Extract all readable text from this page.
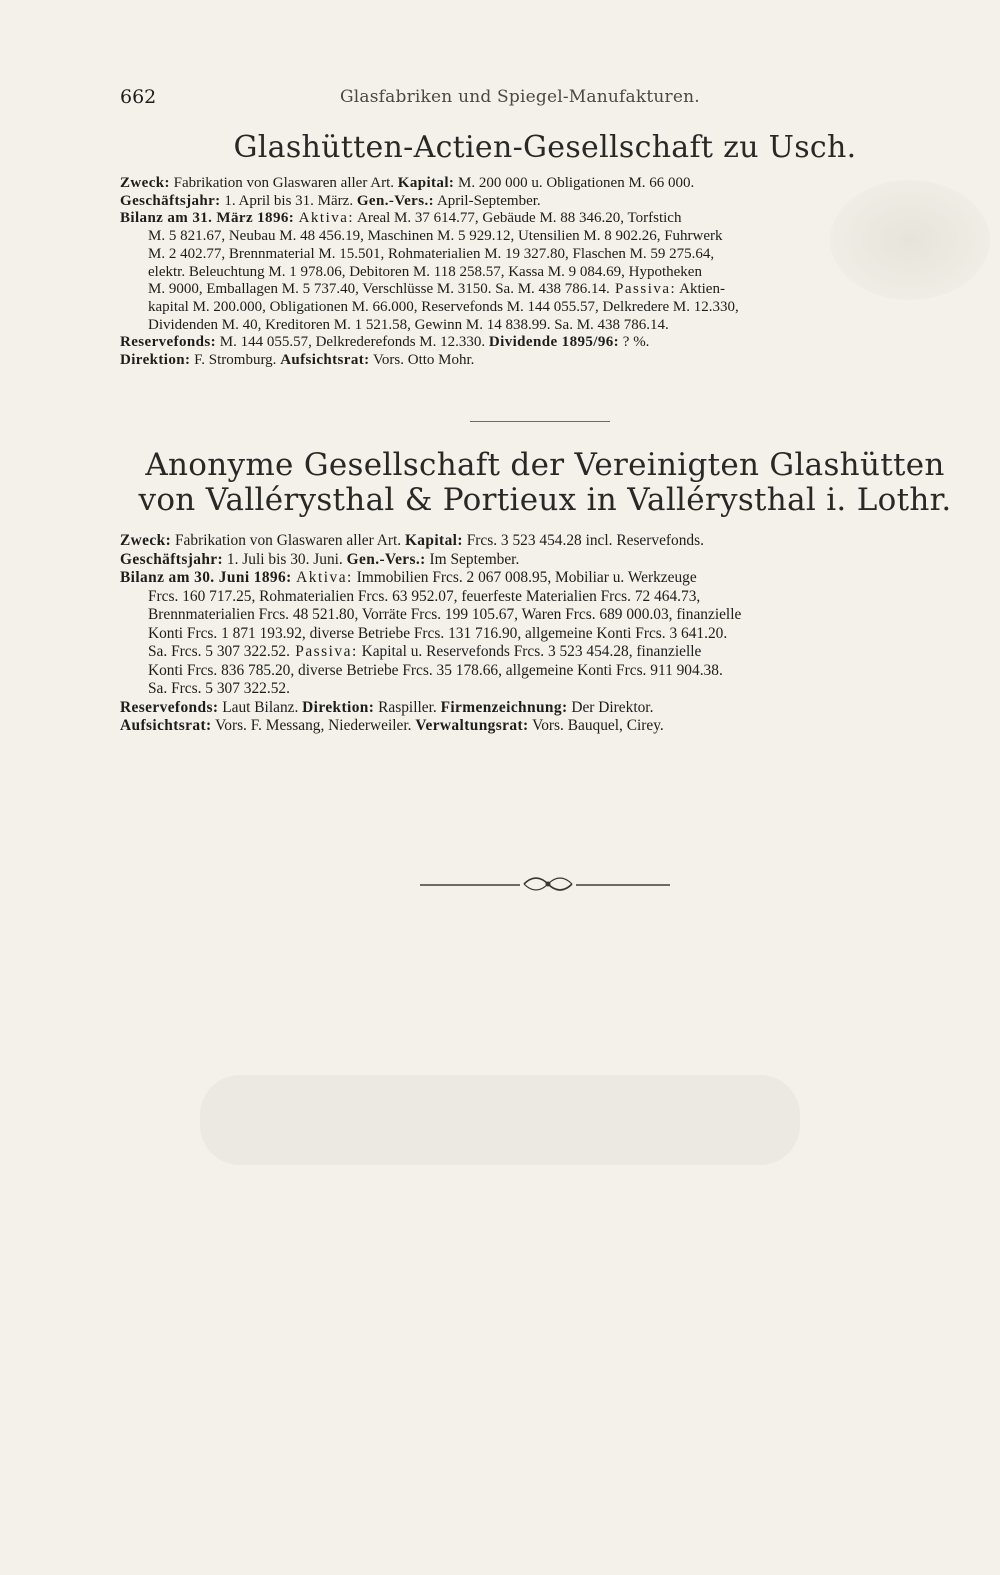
662	Glasfabriken und Spiegel-Manufakturen.
Glashütten-Actien-Gesellschaft zu Usch.

Zweck: Fabrikation von Glaswaren aller Art. Kapital: M. 200 000 u. Obligationen M. 66 000.

Geschäftsjahr: 1. April bis 31. März. Gen.-Vers.: April-September.

Bilanz am 31. März 1896: Aktiva: Areal M. 37 614.77, Gebäude M. 88 346.20, Torfstich

M. 5 821.67, Neubau M. 48 456.19, Maschinen M. 5 929.12, Utensilien M. 8 902.26, Fuhrwerk

M. 2 402.77, Brennmaterial M. 15.501, Rohmaterialien M. 19 327.80, Flaschen M. 59 275.64,

elektr. Beleuchtung M. 1 978.06, Debitoren M. 118 258.57, Kassa M. 9 084.69, Hypotheken

M. 9000, Emballagen M. 5 737.40, Verschlüsse M. 3150. Sa. M. 438 786.14. Passiva: Aktien-

kapital M. 200.000, Obligationen M. 66.000, Reservefonds M. 144 055.57, Delkredere M. 12.330,

Dividenden M. 40, Kreditoren M. 1 521.58, Gewinn M. 14 838.99. Sa. M. 438 786.14.

Reservefonds: M. 144 055.57, Delkrederefonds M. 12.330. Dividende 1895/96: ? %.

Direktion: F. Stromburg. Aufsichtsrat: Vors. Otto Mohr.

Anonyme Gesellschaft der Vereinigten Glashütten
von Vallérysthal & Portieux in Vallérysthal i. Lothr.

Zweck: Fabrikation von Glaswaren aller Art. Kapital: Frcs. 3 523 454.28 incl. Reservefonds.

Geschäftsjahr: 1. Juli bis 30. Juni. Gen.-Vers.: Im September.

Bilanz am 30. Juni 1896: Aktiva: Immobilien Frcs. 2 067 008.95, Mobiliar u. Werkzeuge

Frcs. 160 717.25, Rohmaterialien Frcs. 63 952.07, feuerfeste Materialien Frcs. 72 464.73,

Brennmaterialien Frcs. 48 521.80, Vorräte Frcs. 199 105.67, Waren Frcs. 689 000.03, finanzielle

Konti Frcs. 1 871 193.92, diverse Betriebe Frcs. 131 716.90, allgemeine Konti Frcs. 3 641.20.

Sa. Frcs. 5 307 322.52. Passiva: Kapital u. Reservefonds Frcs. 3 523 454.28, finanzielle

Konti Frcs. 836 785.20, diverse Betriebe Frcs. 35 178.66, allgemeine Konti Frcs. 911 904.38.

Sa. Frcs. 5 307 322.52.

Reservefonds: Laut Bilanz. Direktion: Raspiller. Firmenzeichnung: Der Direktor.

Aufsichtsrat: Vors. F. Messang, Niederweiler. Verwaltungsrat: Vors. Bauquel, Cirey.
